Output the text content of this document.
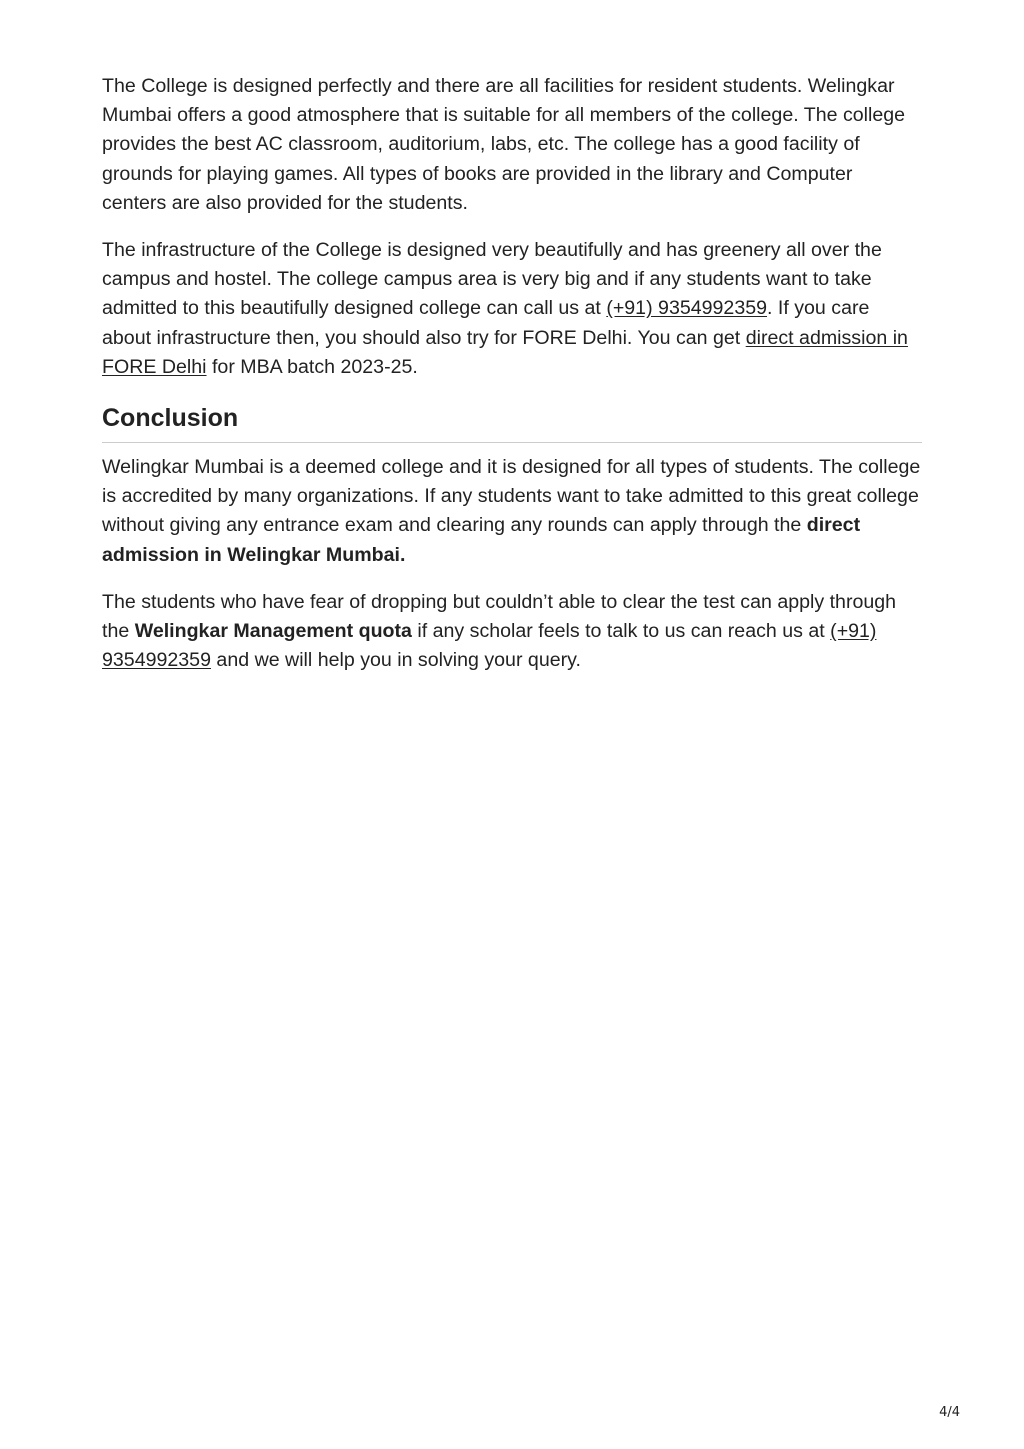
The College is designed perfectly and there are all facilities for resident students. Welingkar Mumbai offers a good atmosphere that is suitable for all members of the college. The college provides the best AC classroom, auditorium, labs, etc. The college has a good facility of grounds for playing games. All types of books are provided in the library and Computer centers are also provided for the students.

The infrastructure of the College is designed very beautifully and has greenery all over the campus and hostel. The college campus area is very big and if any students want to take admitted to this beautifully designed college can call us at (+91) 9354992359. If you care about infrastructure then, you should also try for FORE Delhi. You can get direct admission in FORE Delhi for MBA batch 2023-25.

Conclusion

Welingkar Mumbai is a deemed college and it is designed for all types of students. The college is accredited by many organizations. If any students want to take admitted to this great college without giving any entrance exam and clearing any rounds can apply through the direct admission in Welingkar Mumbai.

The students who have fear of dropping but couldn’t able to clear the test can apply through the Welingkar Management quota if any scholar feels to talk to us can reach us at (+91) 9354992359 and we will help you in solving your query.

4/4
